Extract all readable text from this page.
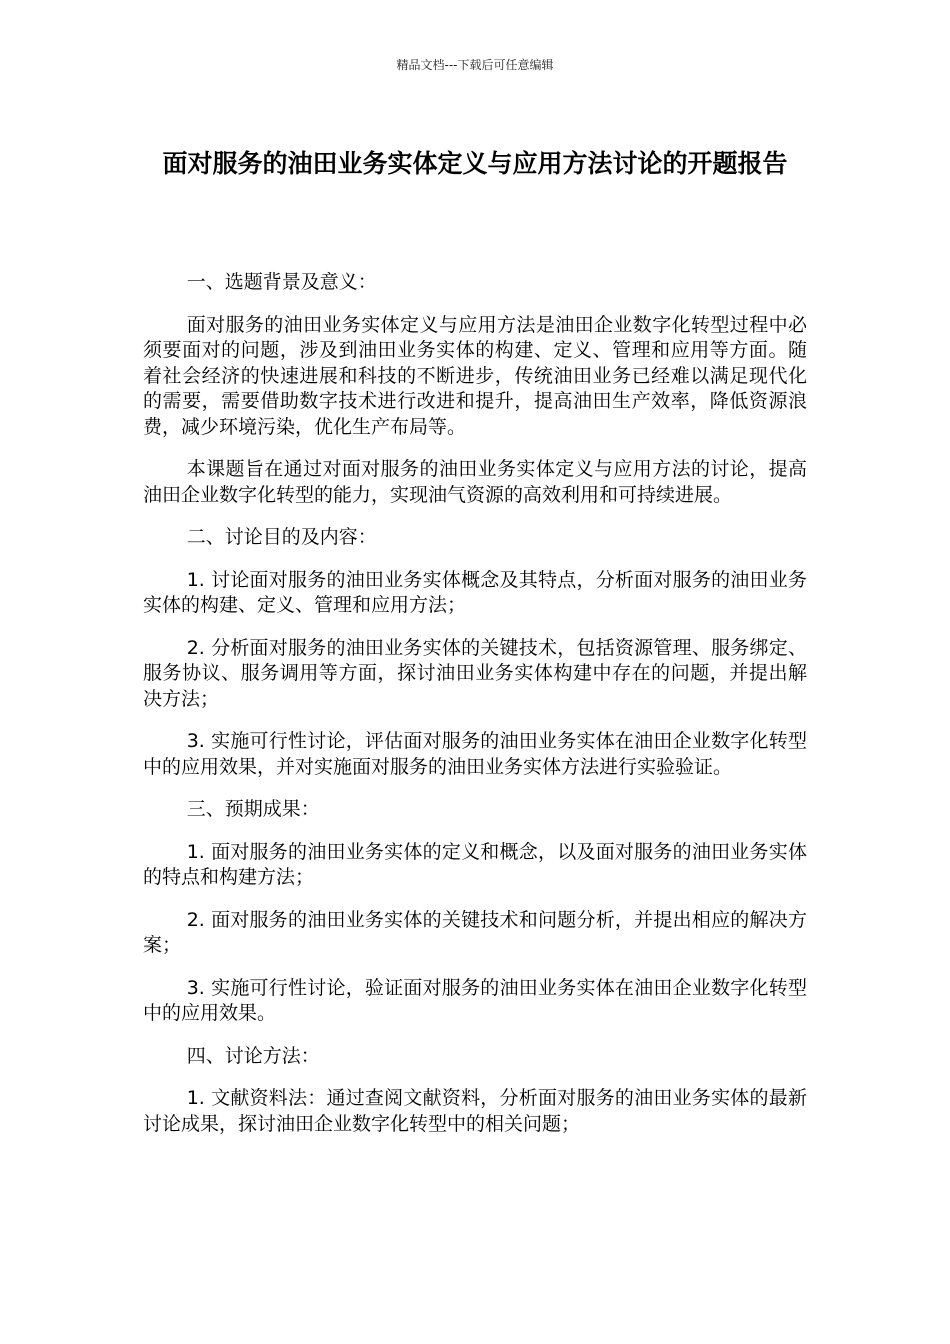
精品文档---下载后可任意编辑
面对服务的油田业务实体定义与应用方法讨论的开题报告

一、选题背景及意义：

面对服务的油田业务实体定义与应用方法是油田企业数字化转型过程中必须要面对的问题，涉及到油田业务实体的构建、定义、管理和应用等方面。随着社会经济的快速进展和科技的不断进步，传统油田业务已经难以满足现代化的需要，需要借助数字技术进行改进和提升，提高油田生产效率，降低资源浪费，减少环境污染，优化生产布局等。

本课题旨在通过对面对服务的油田业务实体定义与应用方法的讨论，提高油田企业数字化转型的能力，实现油气资源的高效利用和可持续进展。

二、讨论目的及内容：

1. 讨论面对服务的油田业务实体概念及其特点，分析面对服务的油田业务实体的构建、定义、管理和应用方法；

2. 分析面对服务的油田业务实体的关键技术，包括资源管理、服务绑定、服务协议、服务调用等方面，探讨油田业务实体构建中存在的问题，并提出解决方法；

3. 实施可行性讨论，评估面对服务的油田业务实体在油田企业数字化转型中的应用效果，并对实施面对服务的油田业务实体方法进行实验验证。

三、预期成果：

1. 面对服务的油田业务实体的定义和概念，以及面对服务的油田业务实体的特点和构建方法；

2. 面对服务的油田业务实体的关键技术和问题分析，并提出相应的解决方案；

3. 实施可行性讨论，验证面对服务的油田业务实体在油田企业数字化转型中的应用效果。

四、讨论方法：

1. 文献资料法：通过查阅文献资料，分析面对服务的油田业务实体的最新讨论成果，探讨油田企业数字化转型中的相关问题；
